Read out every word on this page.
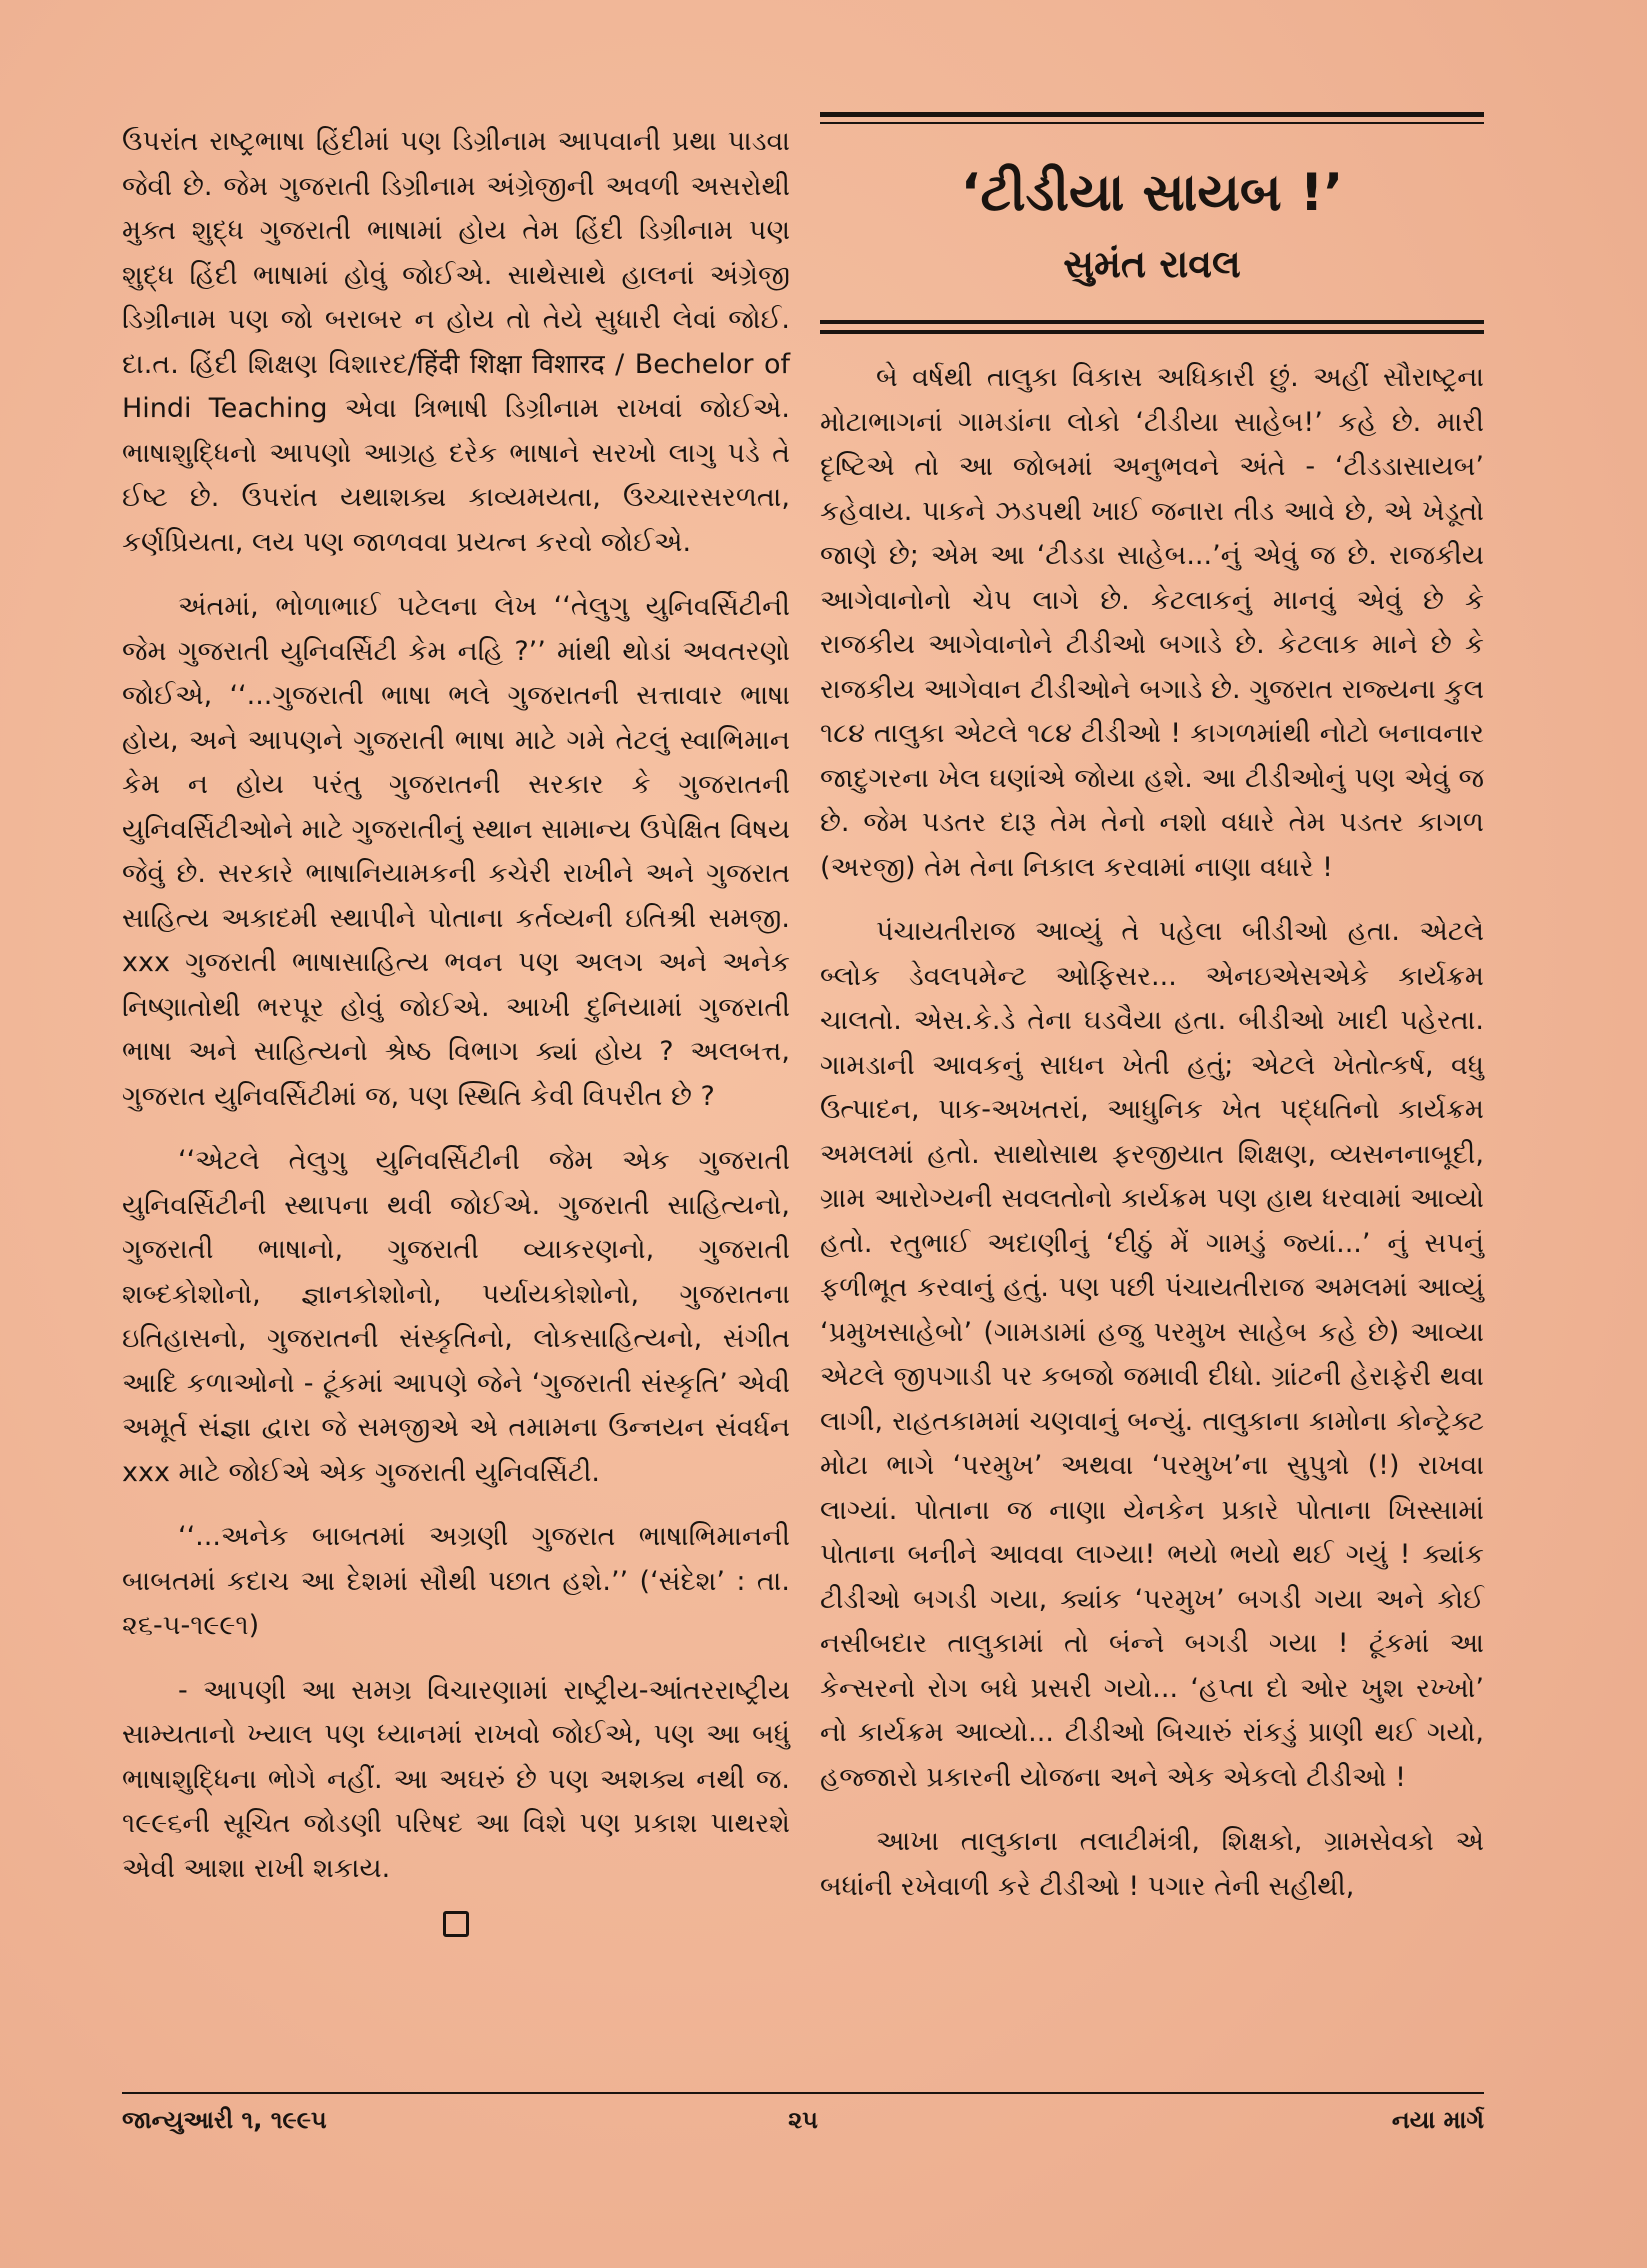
ઉપરાંત રાષ્ટ્રભાષા હિંદીમાં પણ ડિગ્રીનામ આપવાની પ્રથા પાડવા જેવી છે. જેમ ગુજરાતી ડિગ્રીનામ અંગ્રેજીની અવળી અસરોથી મુક્ત શુદ્ધ ગુજરાતી ભાષામાં હોય તેમ હિંદી ડિગ્રીનામ પણ શુદ્ધ હિંદી ભાષામાં હોવું જોઈએ. સાથેસાથે હાલનાં અંગ્રેજી ડિગ્રીનામ પણ જો બરાબર ન હોય તો તેયે સુધારી લેવાં જોઈ. દા.ત. હિંદી શિક્ષણ વિશારદ/हिंदी शिक्षा विशारद / Bechelor of Hindi Teaching એવા ત્રિભાષી ડિગ્રીનામ રાખવાં જોઈએ. ભાષાશુદ્ધિનો આપણો આગ્રહ દરેક ભાષાને સરખો લાગુ પડે તે ઈષ્ટ છે. ઉપરાંત યથાશક્ય કાવ્યમયતા, ઉચ્ચારસરળતા, કર્ણપ્રિયતા, લય પણ જાળવવા પ્રયત્ન કરવો જોઈએ.

અંતમાં, ભોળાભાઈ પટેલના લેખ ‘‘તેલુગુ યુનિવર્સિટીની જેમ ગુજરાતી યુનિવર્સિટી કેમ નહિ ?’’ માંથી થોડાં અવતરણો જોઈએ, ‘‘...ગુજરાતી ભાષા ભલે ગુજરાતની સત્તાવાર ભાષા હોય, અને આપણને ગુજરાતી ભાષા માટે ગમે તેટલું સ્વાભિમાન કેમ ન હોય પરંતુ ગુજરાતની સરકાર કે ગુજરાતની યુનિવર્સિટીઓને માટે ગુજરાતીનું સ્થાન સામાન્ય ઉપેક્ષિત વિષય જેવું છે. સરકારે ભાષાનિયામકની કચેરી રાખીને અને ગુજરાત સાહિત્ય અકાદમી સ્થાપીને પોતાના કર્તવ્યની ઇતિશ્રી સમજી. xxx ગુજરાતી ભાષાસાહિત્ય ભવન પણ અલગ અને અનેક નિષ્ણાતોથી ભરપૂર હોવું જોઈએ. આખી દુનિયામાં ગુજરાતી ભાષા અને સાહિત્યનો શ્રેષ્ઠ વિભાગ ક્યાં હોય ? અલબત્ત, ગુજરાત યુનિવર્સિટીમાં જ, પણ સ્થિતિ કેવી વિપરીત છે ?

‘‘એટલે તેલુગુ યુનિવર્સિટીની જેમ એક ગુજરાતી યુનિવર્સિટીની સ્થાપના થવી જોઈએ. ગુજરાતી સાહિત્યનો, ગુજરાતી ભાષાનો, ગુજરાતી વ્યાકરણનો, ગુજરાતી શબ્દકોશોનો, જ્ઞાનકોશોનો, પર્યાયકોશોનો, ગુજરાતના ઇતિહાસનો, ગુજરાતની સંસ્કૃતિનો, લોકસાહિત્યનો, સંગીત આદિ કળાઓનો - ટૂંકમાં આપણે જેને ‘ગુજરાતી સંસ્કૃતિ’ એવી અમૂર્ત સંજ્ઞા દ્વારા જે સમજીએ એ તમામના ઉન્નયન સંવર્ધન xxx માટે જોઈએ એક ગુજરાતી યુનિવર્સિટી.

‘‘...અનેક બાબતમાં અગ્રણી ગુજરાત ભાષાભિમાનની બાબતમાં કદાચ આ દેશમાં સૌથી પછાત હશે.’’ (‘સંદેશ’ : તા. ૨૬-૫-૧૯૯૧)

- આપણી આ સમગ્ર વિચારણામાં રાષ્ટ્રીય-આંતરરાષ્ટ્રીય સામ્યતાનો ખ્યાલ પણ ધ્યાનમાં રાખવો જોઈએ, પણ આ બધું ભાષાશુદ્ધિના ભોગે નહીં. આ અઘરું છે પણ અશક્ય નથી જ. ૧૯૯૬ની સૂચિત જોડણી પરિષદ આ વિશે પણ પ્રકાશ પાથરશે એવી આશા રાખી શકાય.

‘ટીડીયા સાયબ !’
સુમંત રાવલ

બે વર્ષથી તાલુકા વિકાસ અધિકારી છું. અહીં સૌરાષ્ટ્રના મોટાભાગનાં ગામડાંના લોકો ‘ટીડીયા સાહેબ!’ કહે છે. મારી દૃષ્ટિએ તો આ જોબમાં અનુભવને અંતે - ‘ટીડડાસાયબ’ કહેવાય. પાકને ઝડપથી ખાઈ જનારા તીડ આવે છે, એ ખેડૂતો જાણે છે; એમ આ ‘ટીડડા સાહેબ...’નું એવું જ છે. રાજકીય આગેવાનોનો ચેપ લાગે છે. કેટલાકનું માનવું એવું છે કે રાજકીય આગેવાનોને ટીડીઓ બગાડે છે. કેટલાક માને છે કે રાજકીય આગેવાન ટીડીઓને બગાડે છે. ગુજરાત રાજ્યના કુલ ૧૮૪ તાલુકા એટલે ૧૮૪ ટીડીઓ ! કાગળમાંથી નોટો બનાવનાર જાદુગરના ખેલ ઘણાંએ જોયા હશે. આ ટીડીઓનું પણ એવું જ છે. જેમ પડતર દારૂ તેમ તેનો નશો વધારે તેમ પડતર કાગળ (અરજી) તેમ તેના નિકાલ કરવામાં નાણા વધારે !

પંચાયતીરાજ આવ્યું તે પહેલા બીડીઓ હતા. એટલે બ્લોક ડેવલપમેન્ટ ઓફિસર... એનઇએસએકે કાર્યક્રમ ચાલતો. એસ.કે.ડે તેના ઘડવૈયા હતા. બીડીઓ ખાદી પહેરતા. ગામડાની આવકનું સાધન ખેતી હતું; એટલે ખેતોત્કર્ષ, વધુ ઉત્પાદન, પાક-અખતરાં, આધુનિક ખેત પદ્ધતિનો કાર્યક્રમ અમલમાં હતો. સાથોસાથ ફરજીયાત શિક્ષણ, વ્યસનનાબૂદી, ગ્રામ આરોગ્યની સવલતોનો કાર્યક્રમ પણ હાથ ધરવામાં આવ્યો હતો. રતુભાઈ અદાણીનું ‘દીઠું મેં ગામડું જ્યાં...’ નું સપનું ફળીભૂત કરવાનું હતું. પણ પછી પંચાયતીરાજ અમલમાં આવ્યું ‘પ્રમુખસાહેબો’ (ગામડામાં હજુ પરમુખ સાહેબ કહે છે) આવ્યા એટલે જીપગાડી પર કબજો જમાવી દીધો. ગ્રાંટની હેરાફેરી થવા લાગી, રાહતકામમાં ચણવાનું બન્યું. તાલુકાના કામોના કોન્ટ્રેક્ટ મોટા ભાગે ‘પરમુખ’ અથવા ‘પરમુખ’ના સુપુત્રો (!) રાખવા લાગ્યાં. પોતાના જ નાણા યેનકેન પ્રકારે પોતાના ખિસ્સામાં પોતાના બનીને આવવા લાગ્યા! ભયો ભયો થઈ ગયું ! ક્યાંક ટીડીઓ બગડી ગયા, ક્યાંક ‘પરમુખ’ બગડી ગયા અને કોઈ નસીબદાર તાલુકામાં તો બંન્ને બગડી ગયા ! ટૂંકમાં આ કેન્સરનો રોગ બધે પ્રસરી ગયો... ‘હપ્તા દો ઓર ખુશ રખ્ખો’ નો કાર્યક્રમ આવ્યો... ટીડીઓ બિચારું રાંકડું પ્રાણી થઈ ગયો, હજ્જારો પ્રકારની યોજના અને એક એકલો ટીડીઓ !

આખા તાલુકાના તલાટીમંત્રી, શિક્ષકો, ગ્રામસેવકો એ બધાંની રખેવાળી કરે ટીડીઓ ! પગાર તેની સહીથી,

જાન્યુઆરી ૧, ૧૯૯૫	૨૫	નયા માર્ગ
